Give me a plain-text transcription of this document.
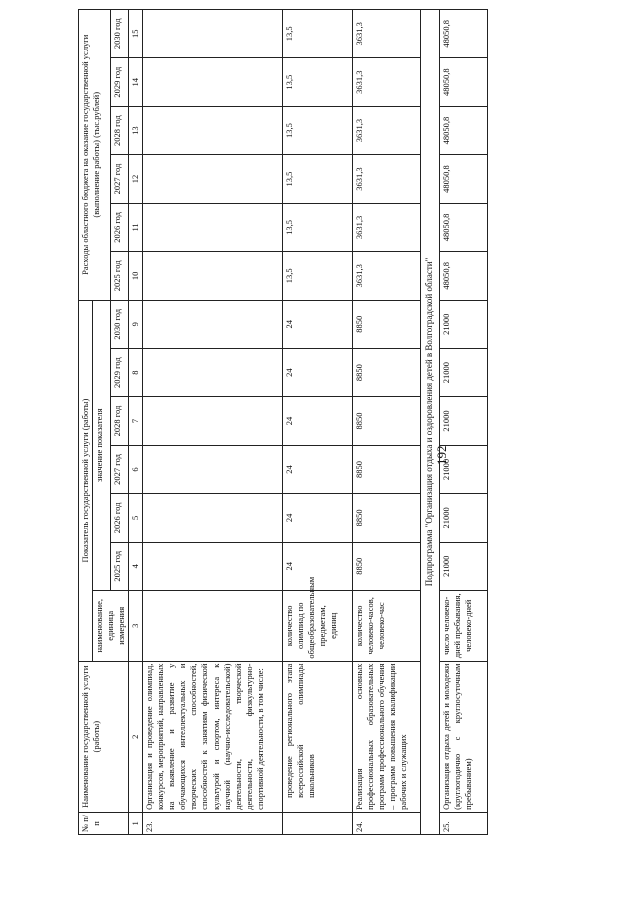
192
№ п/п	Наименование государственной услуги (работы)	Показатель государственной услуги (работы)							Расходы областного бюджета на оказание государственной услуги (выполнение работы) (тыс.рублей)					
		наименование, единица измерения	значение показателя											
			2025 год	2026 год	2027 год	2028 год	2029 год	2030 год	2025 год	2026 год	2027 год	2028 год	2029 год	2030 год
1	2	3	4	5	6	7	8	9	10	11	12	13	14	15
23.	Организация и проведение олимпиад, конкурсов, мероприятий, направленных на выявление и развитие у обучающихся интеллектуальных и творческих способностей, способностей к занятиям физической культурой и спортом, интереса к научной (научно-исследовательской) деятельности, творческой деятельности, физкультурно-спортивной деятельности, в том числе:													
	проведение регионального этапа всероссийской олимпиады школьников	количество олимпиад по общеобразовательным предметам, единиц	24	24	24	24	24	24	13,5	13,5	13,5	13,5	13,5	13,5
24.	Реализация основных профессиональных образовательных программ профессионального обучения – программ повышения квалификации рабочих и служащих	количество человеко-часов, человеко-час	8850	8850	8850	8850	8850	8850	3631,3	3631,3	3631,3	3631,3	3631,3	3631,3
Подпрограмма "Организация отдыха и оздоровления детей в Волгоградской области"														
25.	Организация отдыха детей и молодежи (круглогодично с круглосуточным пребыванием)	число человеко-дней пребывания, человеко-дней	21000	21000	21000	21000	21000	21000	48050,8	48050,8	48050,8	48050,8	48050,8	48050,8
